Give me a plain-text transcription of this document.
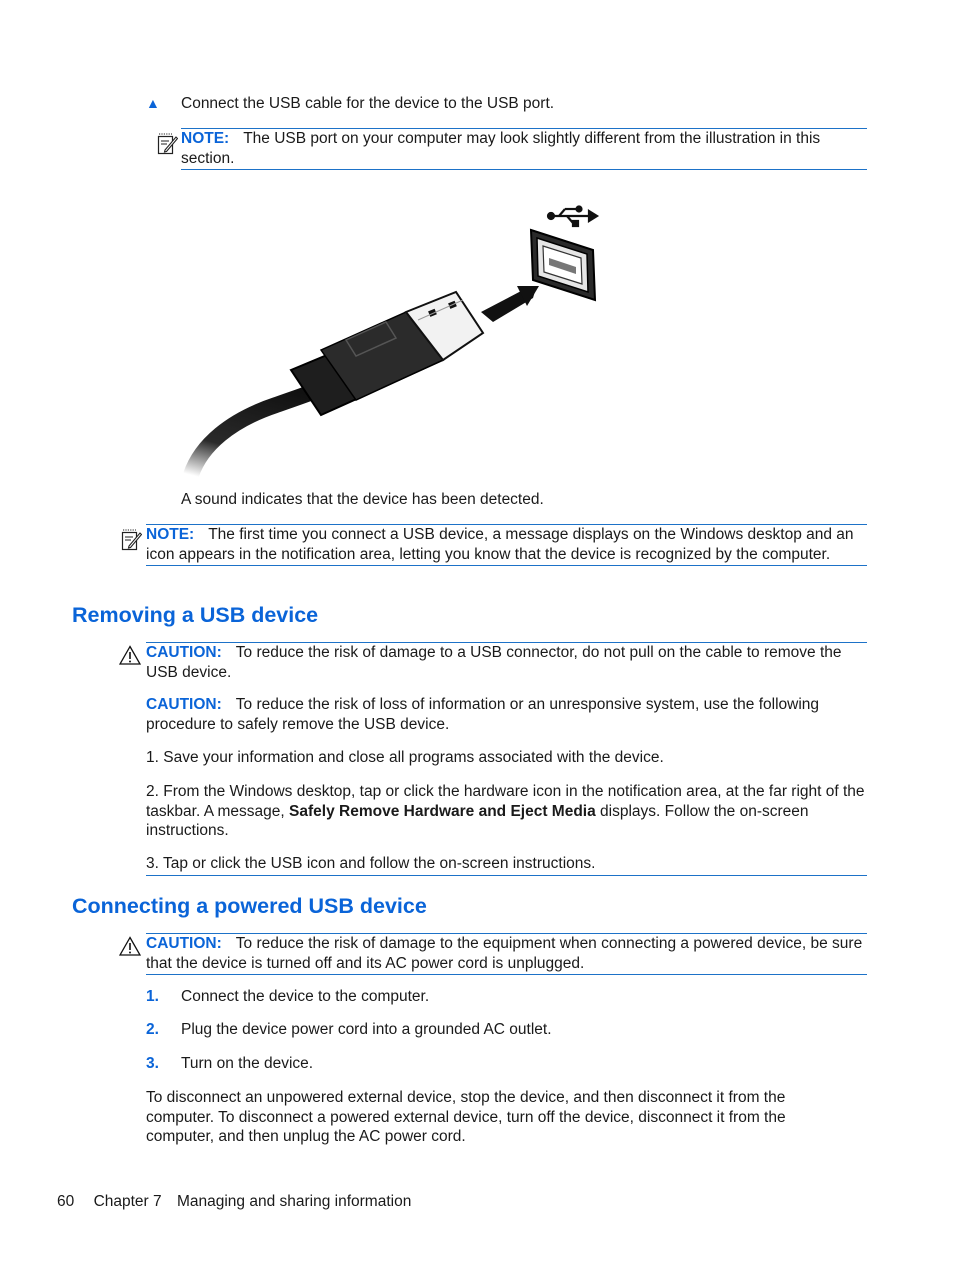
▲ Connect the USB cable for the device to the USB port.
NOTE: The USB port on your computer may look slightly different from the illustration in this section.
A sound indicates that the device has been detected.
NOTE: The first time you connect a USB device, a message displays on the Windows desktop and an icon appears in the notification area, letting you know that the device is recognized by the computer.
Removing a USB device
CAUTION: To reduce the risk of damage to a USB connector, do not pull on the cable to remove the USB device.
CAUTION: To reduce the risk of loss of information or an unresponsive system, use the following procedure to safely remove the USB device.
1. Save your information and close all programs associated with the device.
2. From the Windows desktop, tap or click the hardware icon in the notification area, at the far right of the taskbar. A message, Safely Remove Hardware and Eject Media displays. Follow the on-screen instructions.
3. Tap or click the USB icon and follow the on-screen instructions.
Connecting a powered USB device
CAUTION: To reduce the risk of damage to the equipment when connecting a powered device, be sure that the device is turned off and its AC power cord is unplugged.
1. Connect the device to the computer.
2. Plug the device power cord into a grounded AC outlet.
3. Turn on the device.
To disconnect an unpowered external device, stop the device, and then disconnect it from the computer. To disconnect a powered external device, turn off the device, disconnect it from the computer, and then unplug the AC power cord.
60 Chapter 7 Managing and sharing information
